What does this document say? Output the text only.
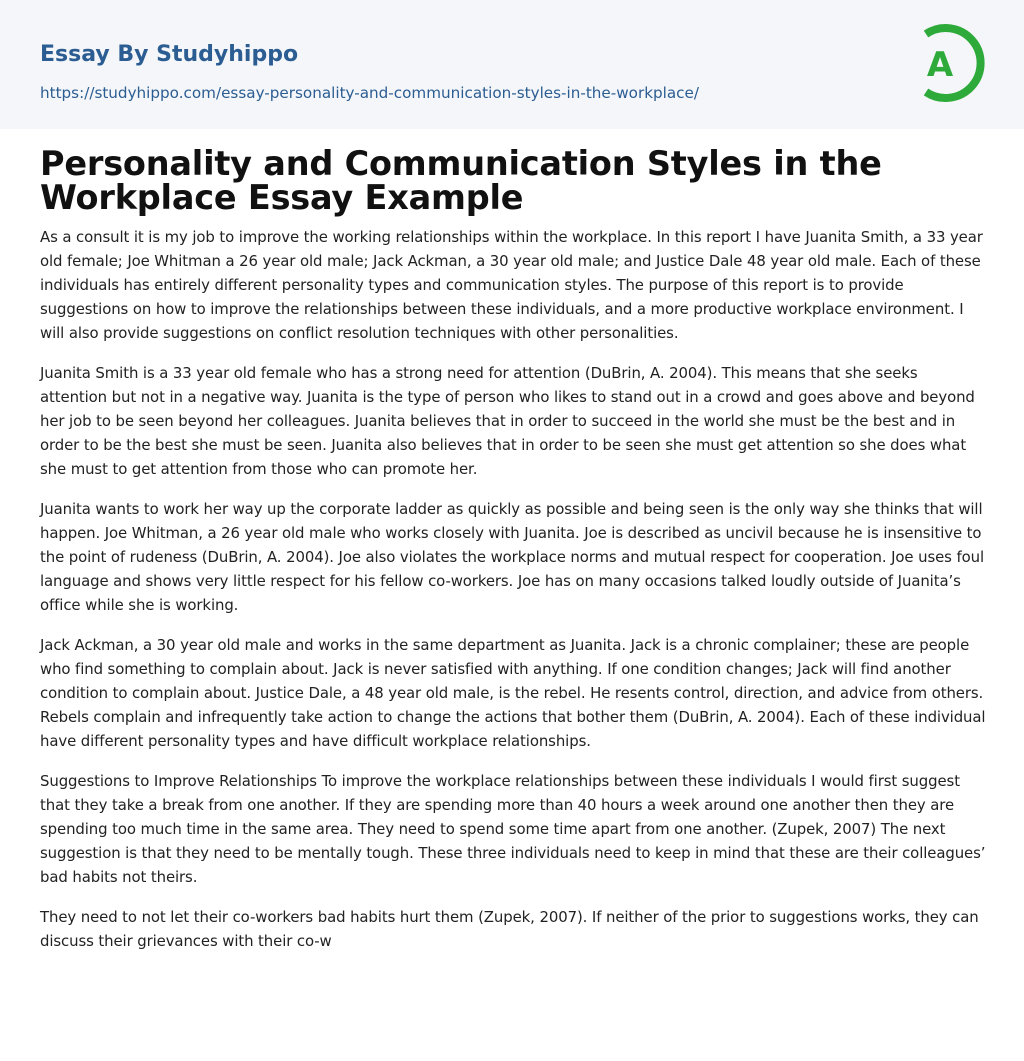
Essay By Studyhippo
https://studyhippo.com/essay-personality-and-communication-styles-in-the-workplace/
A
Personality and Communication Styles in the Workplace Essay Example

As a consult it is my job to improve the working relationships within the workplace. In this report I have Juanita Smith, a 33 year old female; Joe Whitman a 26 year old male; Jack Ackman, a 30 year old male; and Justice Dale 48 year old male. Each of these individuals has entirely different personality types and communication styles. The purpose of this report is to provide suggestions on how to improve the relationships between these individuals, and a more productive workplace environment. I will also provide suggestions on conflict resolution techniques with other personalities.

Juanita Smith is a 33 year old female who has a strong need for attention (DuBrin, A. 2004). This means that she seeks attention but not in a negative way. Juanita is the type of person who likes to stand out in a crowd and goes above and beyond her job to be seen beyond her colleagues. Juanita believes that in order to succeed in the world she must be the best and in order to be the best she must be seen. Juanita also believes that in order to be seen she must get attention so she does what she must to get attention from those who can promote her.

Juanita wants to work her way up the corporate ladder as quickly as possible and being seen is the only way she thinks that will happen. Joe Whitman, a 26 year old male who works closely with Juanita. Joe is described as uncivil because he is insensitive to the point of rudeness (DuBrin, A. 2004). Joe also violates the workplace norms and mutual respect for cooperation. Joe uses foul language and shows very little respect for his fellow co-workers. Joe has on many occasions talked loudly outside of Juanita’s office while she is working.

Jack Ackman, a 30 year old male and works in the same department as Juanita. Jack is a chronic complainer; these are people who find something to complain about. Jack is never satisfied with anything. If one condition changes; Jack will find another condition to complain about. Justice Dale, a 48 year old male, is the rebel. He resents control, direction, and advice from others. Rebels complain and infrequently take action to change the actions that bother them (DuBrin, A. 2004). Each of these individual have different personality types and have difficult workplace relationships.

Suggestions to Improve Relationships To improve the workplace relationships between these individuals I would first suggest that they take a break from one another. If they are spending more than 40 hours a week around one another then they are spending too much time in the same area. They need to spend some time apart from one another. (Zupek, 2007) The next suggestion is that they need to be mentally tough. These three individuals need to keep in mind that these are their colleagues’ bad habits not theirs.

They need to not let their co-workers bad habits hurt them (Zupek, 2007). If neither of the prior to suggestions works, they can discuss their grievances with their co-w
